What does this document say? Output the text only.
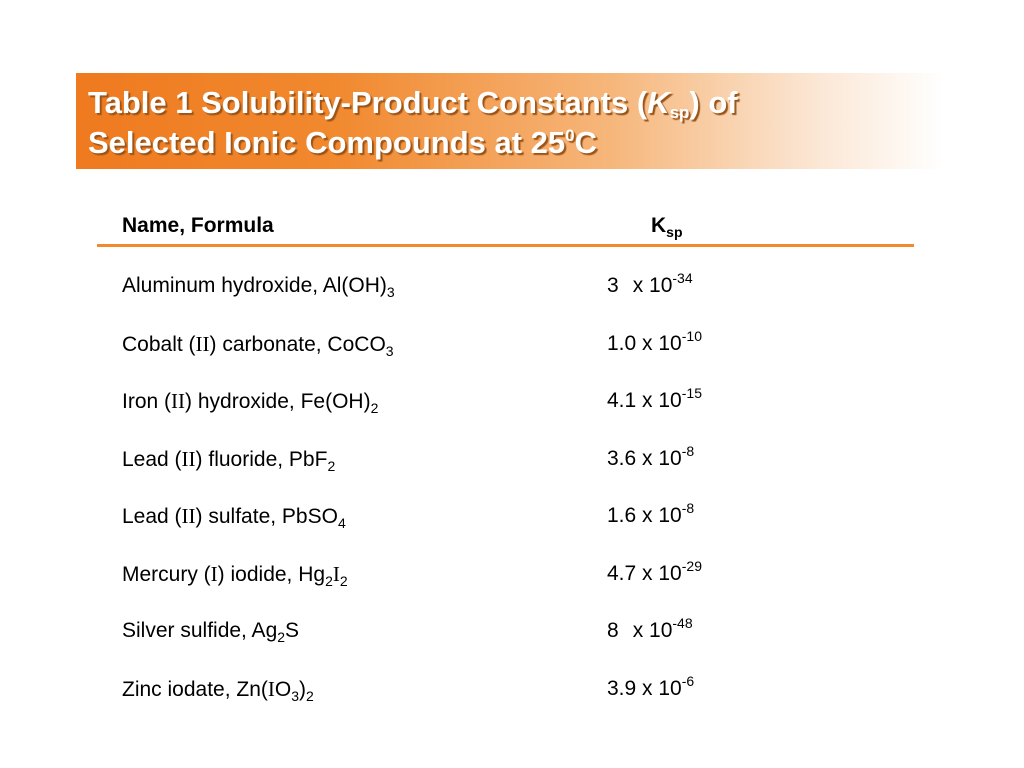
Table 1 Solubility-Product Constants $(K_{sp})$ of
Selected Ionic Compounds at $25^0C$
Name, Formula	$K_{sp}$
Aluminum hydroxide, $Al(OH)_3$	3 x $10^{-34}$
Cobalt (II) carbonate, CoCO$_3$	1.0 x $10^{-10}$
Iron (II) hydroxide, $Fe(OH)_2$	4.1 x $10^{-15}$
Lead (II) fluoride, PbF$_2$	3.6 x $10^{-8}$
Lead (II) sulfate, PbSO$_4$	1.6 x $10^{-8}$
Mercury (I) iodide, $Hg_2I_2$	4.7 x $10^{-29}$
Silver sulfide, $Ag_2S$	8 x $10^{-48}$
Zinc iodate, $Zn(IO_3)_2$	3.9 x $10^{-6}$
